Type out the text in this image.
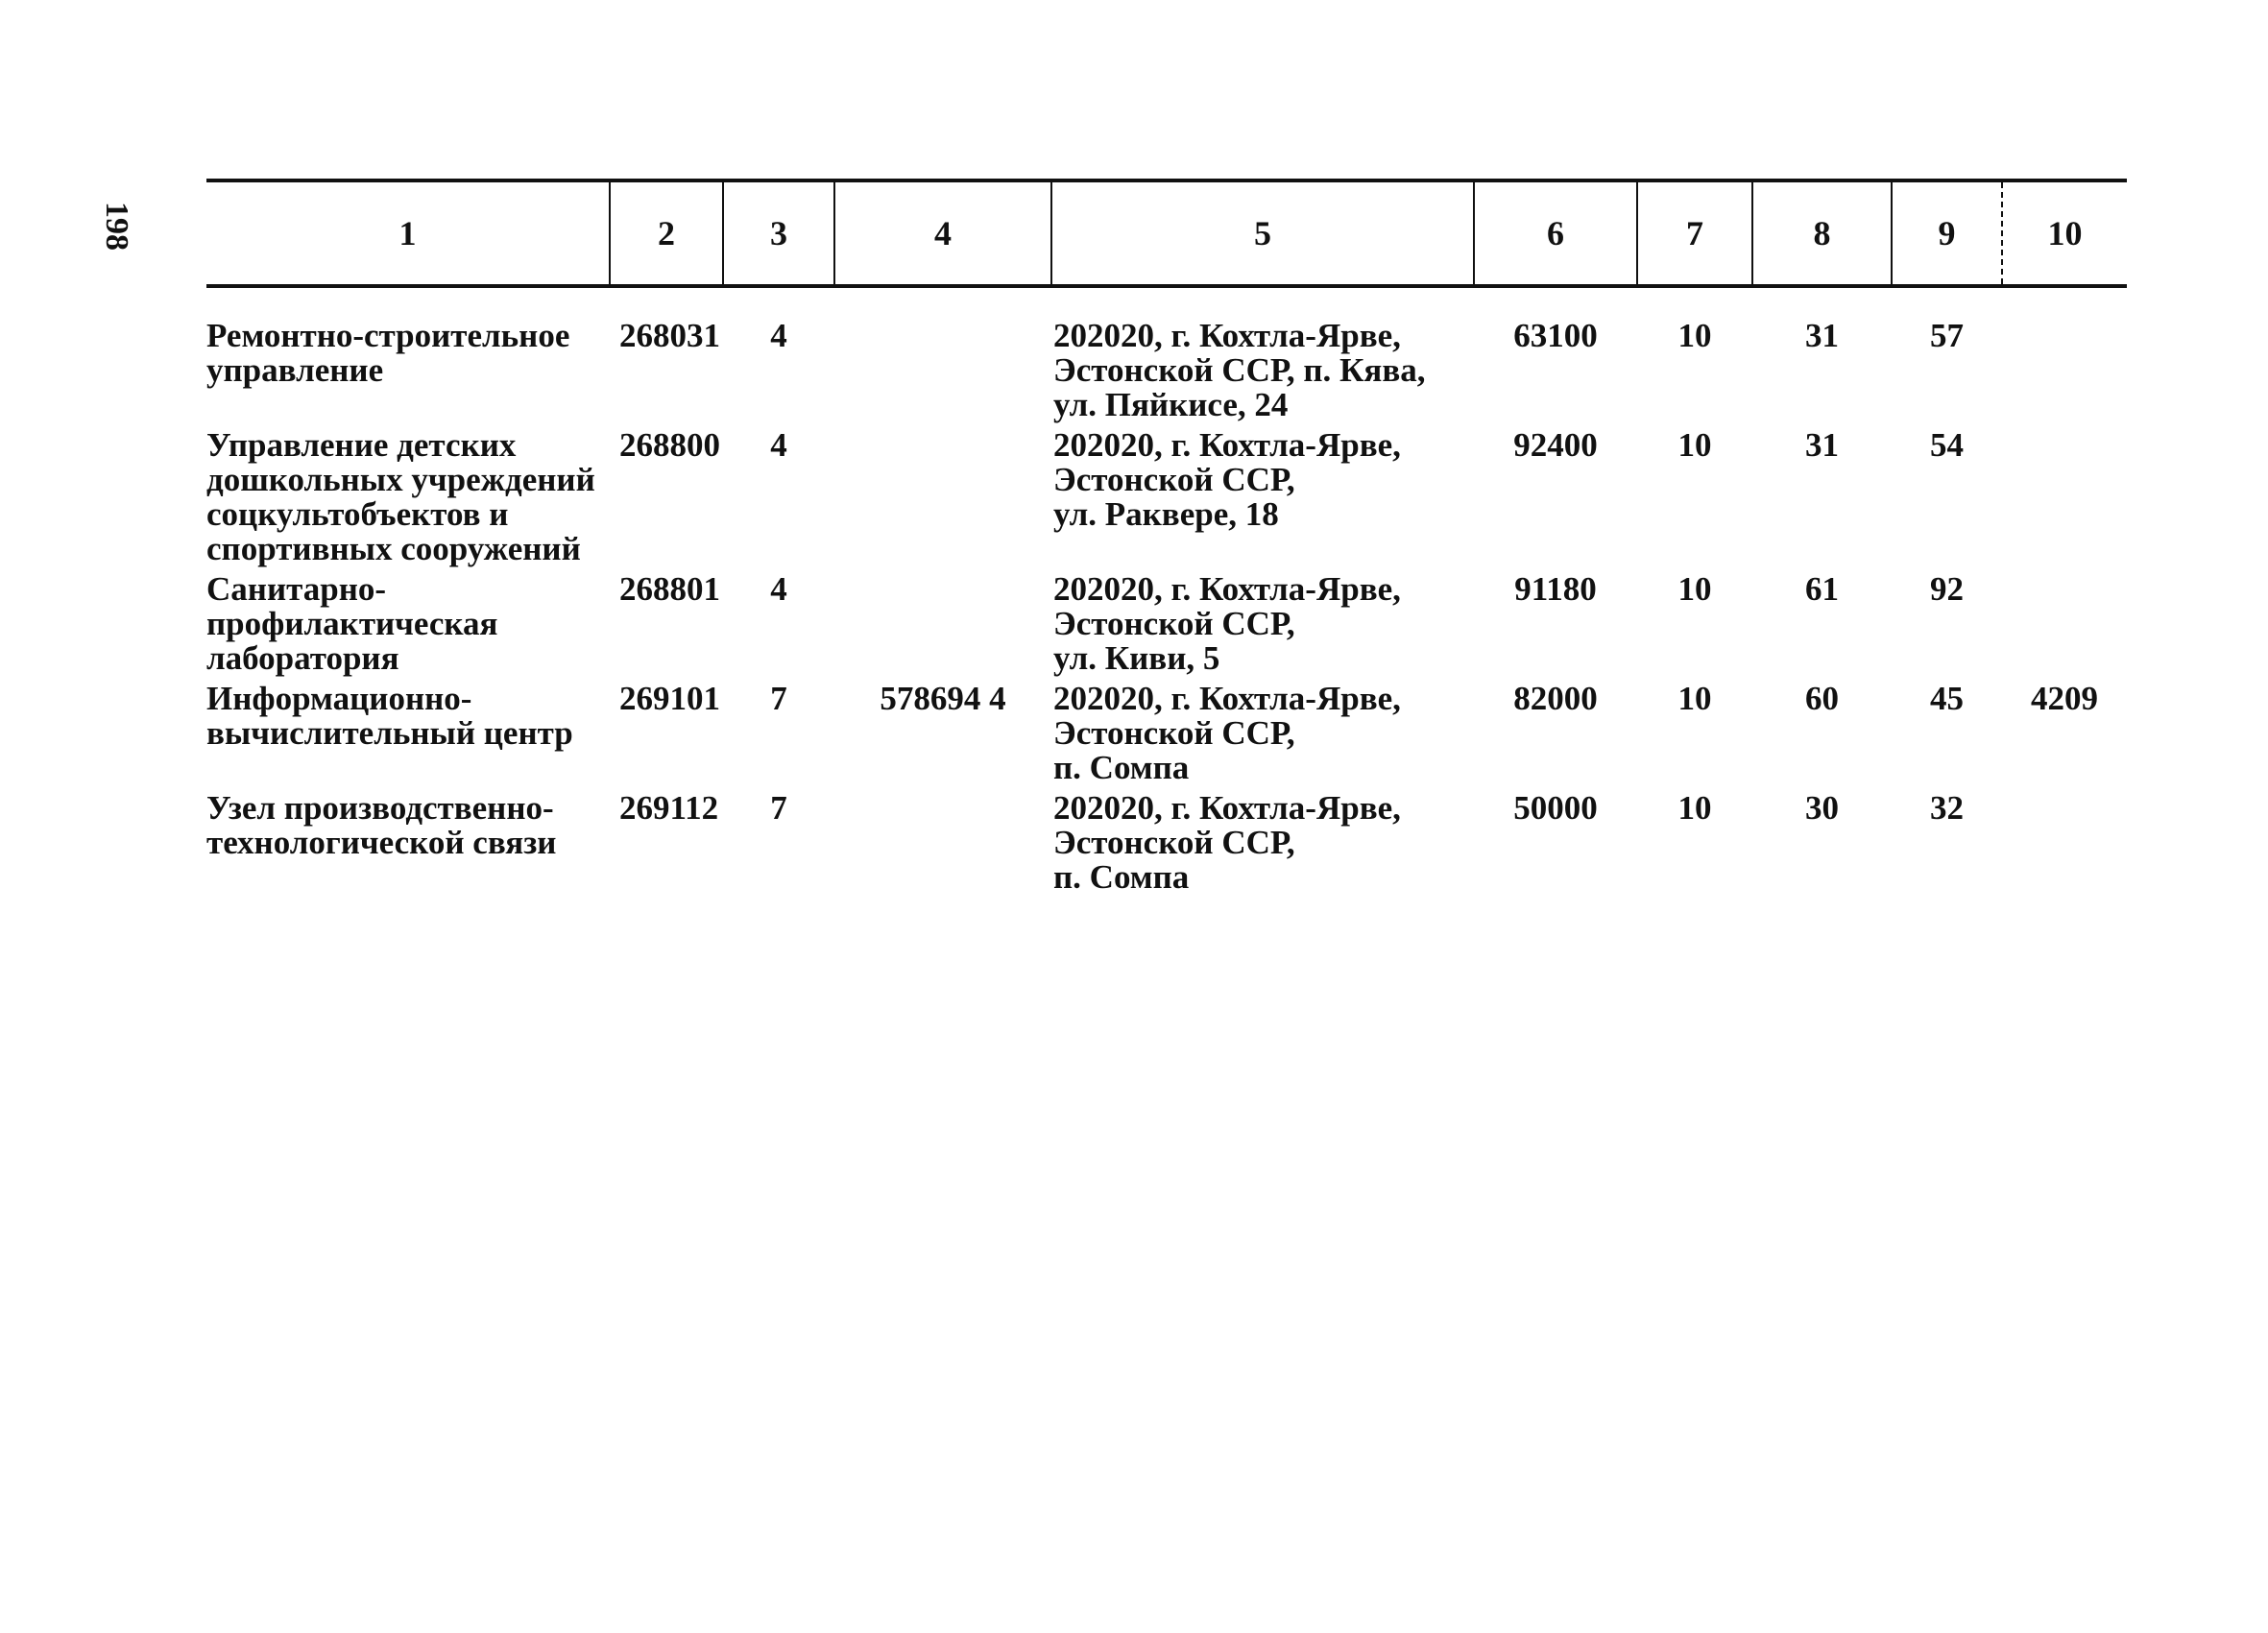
198	1	2	3	4	5	6	7	8	9	10
Ремонтно-строительное управление	268031	4		202020, г. Кохтла-Ярве,
Эстонской ССР, п. Кява,
ул. Пяйкисе, 24	63100	10	31	57	
Управление детских дошкольных учреждений соцкультобъектов и спортивных сооружений	268800	4		202020, г. Кохтла-Ярве,
Эстонской ССР,
ул. Раквере, 18	92400	10	31	54	
Санитарно-профилактическая лаборатория	268801	4		202020, г. Кохтла-Ярве,
Эстонской ССР,
ул. Киви, 5	91180	10	61	92	
Информационно-вычислительный центр	269101	7	578694 4	202020, г. Кохтла-Ярве,
Эстонской ССР,
п. Сомпа	82000	10	60	45	4209
Узел производственно-технологической связи	269112	7		202020, г. Кохтла-Ярве,
Эстонской ССР,
п. Сомпа	50000	10	30	32	
